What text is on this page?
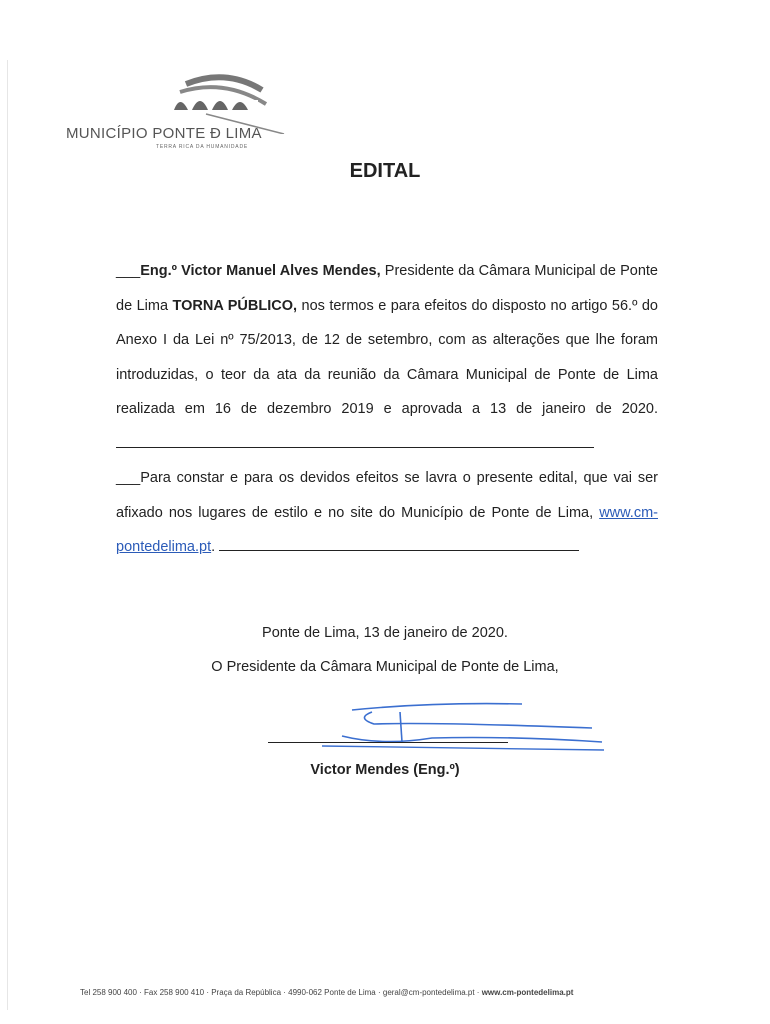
MUNICÍPIO PONTE Ð LIMA
TERRA RICA DA HUMANIDADE
EDITAL

___Eng.º Victor Manuel Alves Mendes, Presidente da Câmara Municipal de Ponte de Lima TORNA PÚBLICO, nos termos e para efeitos do disposto no artigo 56.º do Anexo I da Lei nº 75/2013, de 12 de setembro, com as alterações que lhe foram introduzidas, o teor da ata da reunião da Câmara Municipal de Ponte de Lima realizada em 16 de dezembro 2019 e aprovada a 13 de janeiro de 2020.

___Para constar e para os devidos efeitos se lavra o presente edital, que vai ser afixado nos lugares de estilo e no site do Município de Ponte de Lima, www.cm-pontedelima.pt.

Ponte de Lima, 13 de janeiro de 2020.
O Presidente da Câmara Municipal de Ponte de Lima,
Victor Mendes (Eng.º)
Tel 258 900 400 · Fax 258 900 410 · Praça da República · 4990-062 Ponte de Lima · geral@cm-pontedelima.pt · www.cm-pontedelima.pt
